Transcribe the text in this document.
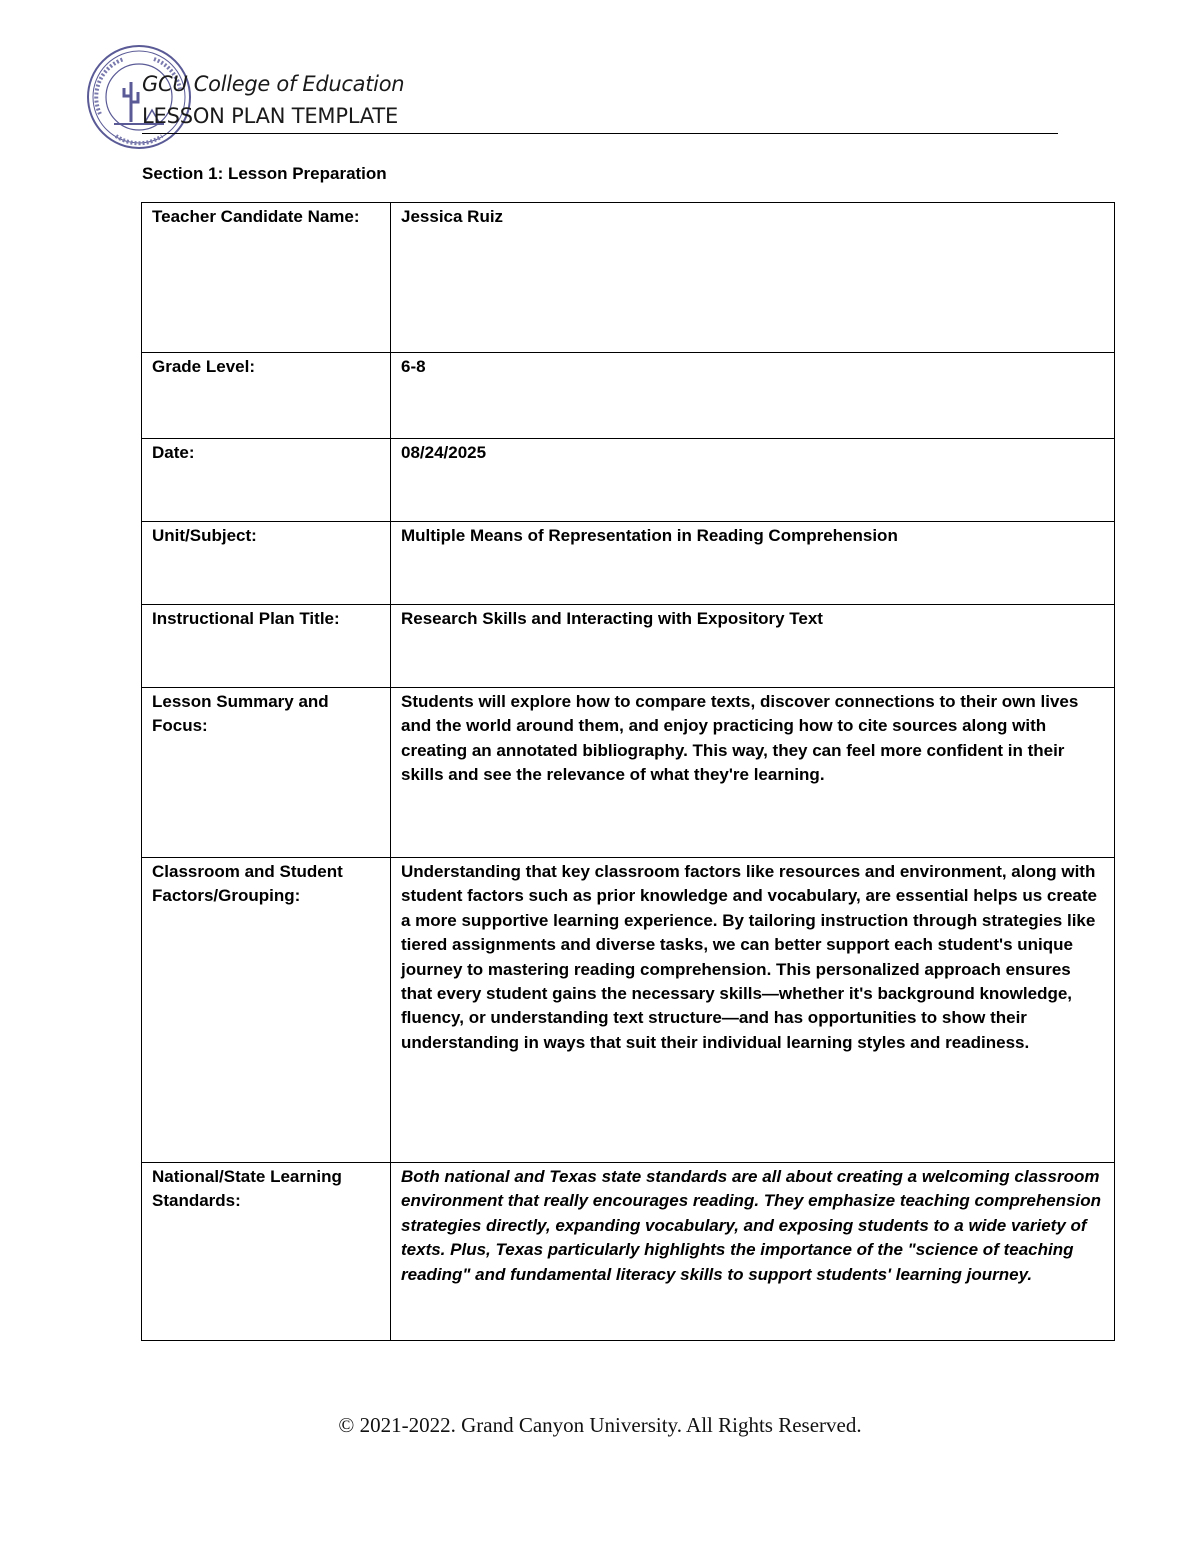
GCU College of Education
LESSON PLAN TEMPLATE
Section 1: Lesson Preparation
Teacher Candidate Name:	Jessica Ruiz
Grade Level:	6-8
Date:	08/24/2025
Unit/Subject:	Multiple Means of Representation in Reading Comprehension
Instructional Plan Title:	Research Skills and Interacting with Expository Text
Lesson Summary and Focus:	Students will explore how to compare texts, discover connections to their own lives and the world around them, and enjoy practicing how to cite sources along with creating an annotated bibliography. This way, they can feel more confident in their skills and see the relevance of what they're learning.
Classroom and Student Factors/Grouping:	Understanding that key classroom factors like resources and environment, along with student factors such as prior knowledge and vocabulary, are essential helps us create a more supportive learning experience. By tailoring instruction through strategies like tiered assignments and diverse tasks, we can better support each student's unique journey to mastering reading comprehension. This personalized approach ensures that every student gains the necessary skills—whether it's background knowledge, fluency, or understanding text structure—and has opportunities to show their understanding in ways that suit their individual learning styles and readiness.
National/State Learning Standards:	Both national and Texas state standards are all about creating a welcoming classroom environment that really encourages reading. They emphasize teaching comprehension strategies directly, expanding vocabulary, and exposing students to a wide variety of texts. Plus, Texas particularly highlights the importance of the "science of teaching reading" and fundamental literacy skills to support students' learning journey.
© 2021-2022. Grand Canyon University. All Rights Reserved.
